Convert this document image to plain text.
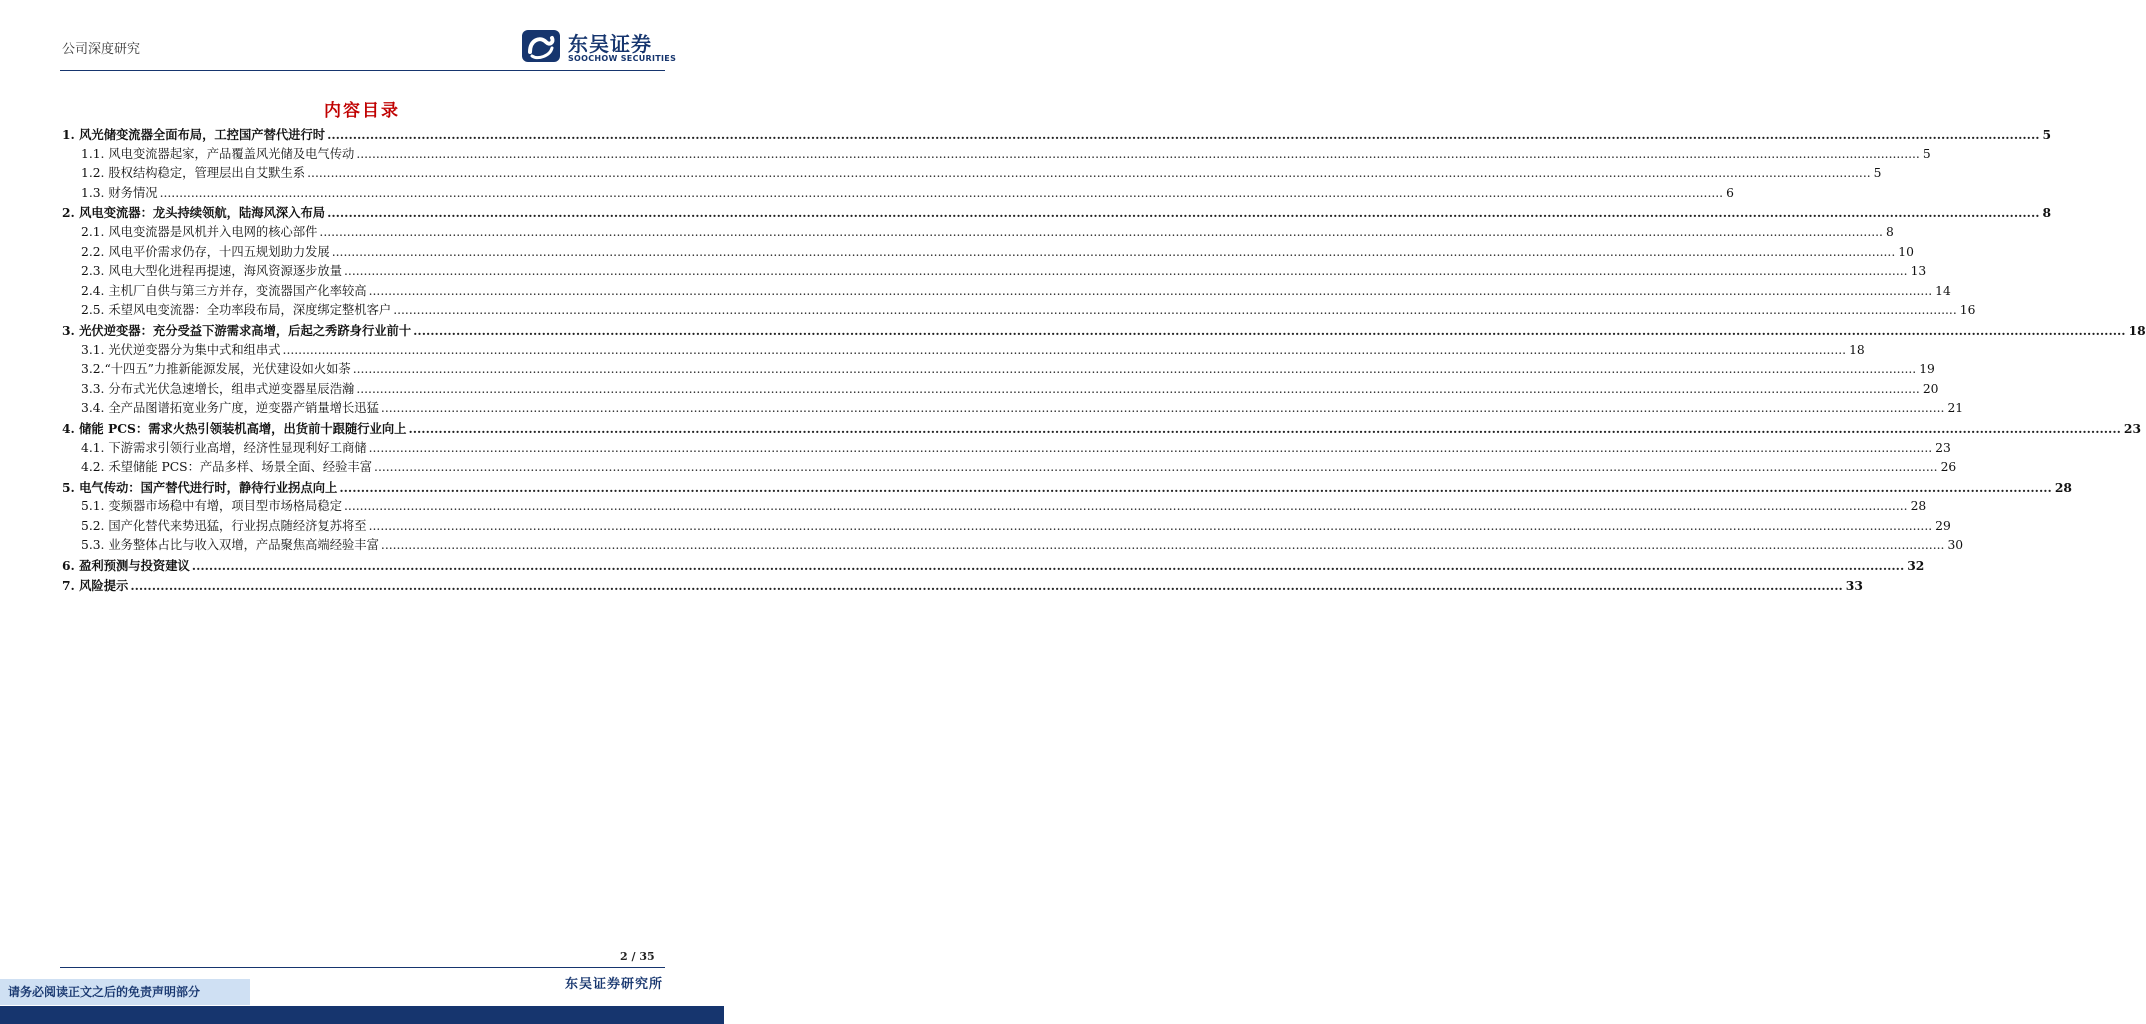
公司深度研究	东吴证券
SOOCHOW SECURITIES
内容目录
1. 风光储变流器全面布局，工控国产替代进行时 ................................................................................................................................................................................................................................................................................................................................................................................................................ 5
1.1. 风电变流器起家，产品覆盖风光储及电气传动 ................................................................................................................................................................................................................................................................................................................................................................................................................ 5
1.2. 股权结构稳定，管理层出自艾默生系 ................................................................................................................................................................................................................................................................................................................................................................................................................ 5
1.3. 财务情况 ................................................................................................................................................................................................................................................................................................................................................................................................................ 6
2. 风电变流器：龙头持续领航，陆海风深入布局 ................................................................................................................................................................................................................................................................................................................................................................................................................ 8
2.1. 风电变流器是风机并入电网的核心部件 ................................................................................................................................................................................................................................................................................................................................................................................................................ 8
2.2. 风电平价需求仍存，十四五规划助力发展 ................................................................................................................................................................................................................................................................................................................................................................................................................ 10
2.3. 风电大型化进程再提速，海风资源逐步放量 ................................................................................................................................................................................................................................................................................................................................................................................................................ 13
2.4. 主机厂自供与第三方并存，变流器国产化率较高 ................................................................................................................................................................................................................................................................................................................................................................................................................ 14
2.5. 禾望风电变流器：全功率段布局，深度绑定整机客户 ................................................................................................................................................................................................................................................................................................................................................................................................................ 16
3. 光伏逆变器：充分受益下游需求高增，后起之秀跻身行业前十 ................................................................................................................................................................................................................................................................................................................................................................................................................ 18
3.1. 光伏逆变器分为集中式和组串式 ................................................................................................................................................................................................................................................................................................................................................................................................................ 18
3.2.“十四五”力推新能源发展，光伏建设如火如荼 ................................................................................................................................................................................................................................................................................................................................................................................................................ 19
3.3. 分布式光伏急速增长，组串式逆变器星辰浩瀚 ................................................................................................................................................................................................................................................................................................................................................................................................................ 20
3.4. 全产品图谱拓宽业务广度，逆变器产销量增长迅猛 ................................................................................................................................................................................................................................................................................................................................................................................................................ 21
4. 储能 PCS：需求火热引领装机高增，出货前十跟随行业向上 ................................................................................................................................................................................................................................................................................................................................................................................................................ 23
4.1. 下游需求引领行业高增，经济性显现利好工商储 ................................................................................................................................................................................................................................................................................................................................................................................................................ 23
4.2. 禾望储能 PCS：产品多样、场景全面、经验丰富 ................................................................................................................................................................................................................................................................................................................................................................................................................ 26
5. 电气传动：国产替代进行时，静待行业拐点向上 ................................................................................................................................................................................................................................................................................................................................................................................................................ 28
5.1. 变频器市场稳中有增，项目型市场格局稳定 ................................................................................................................................................................................................................................................................................................................................................................................................................ 28
5.2. 国产化替代来势迅猛，行业拐点随经济复苏将至 ................................................................................................................................................................................................................................................................................................................................................................................................................ 29
5.3. 业务整体占比与收入双增，产品聚焦高端经验丰富 ................................................................................................................................................................................................................................................................................................................................................................................................................ 30
6. 盈利预测与投资建议 ................................................................................................................................................................................................................................................................................................................................................................................................................ 32
7. 风险提示 ................................................................................................................................................................................................................................................................................................................................................................................................................ 33
2 / 35
东吴证券研究所
请务必阅读正文之后的免责声明部分
